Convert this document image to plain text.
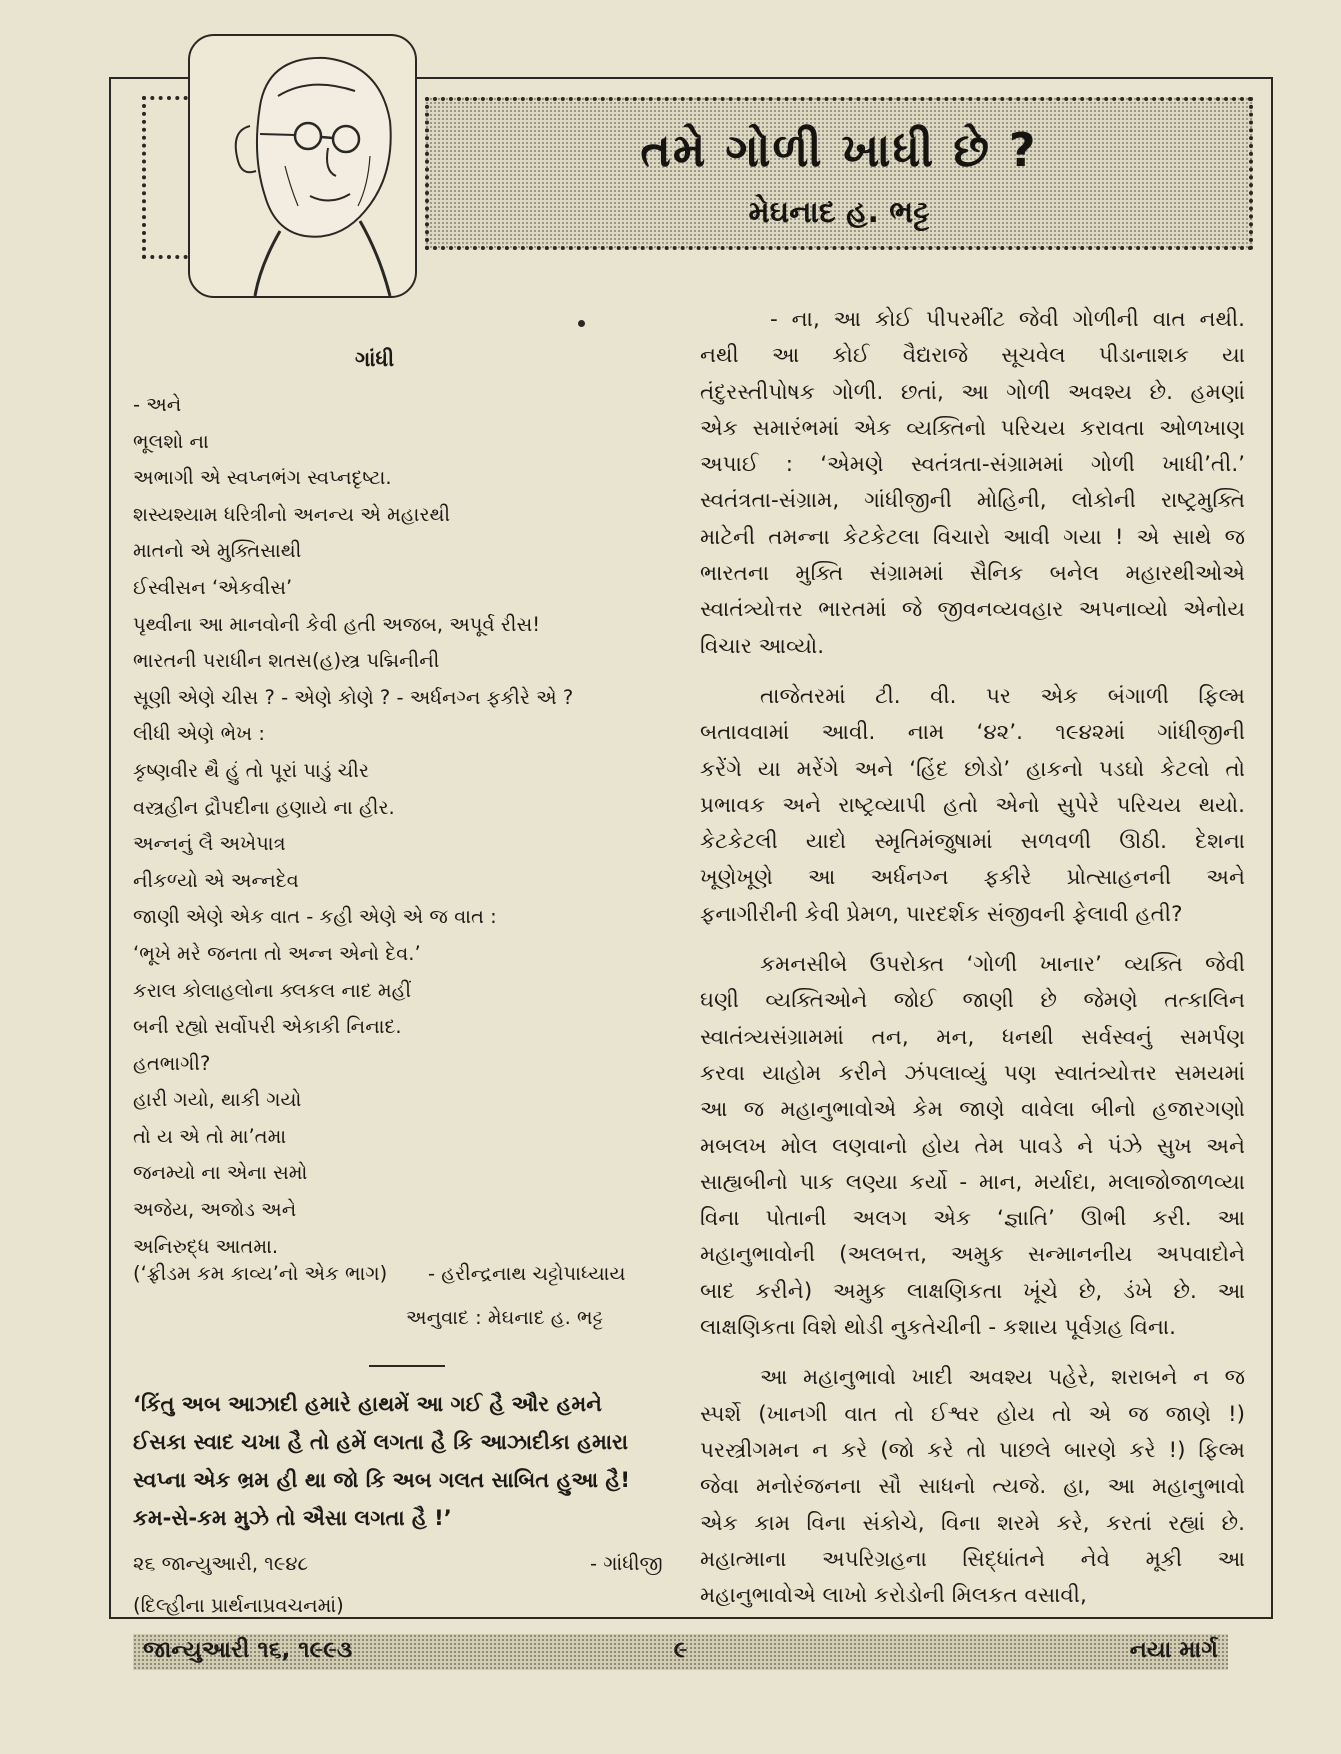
તમે ગોળી ખાધી છે ?
મેઘનાદ હ. ભટ્ટ
ગાંધી
- અને
ભૂલશો ના
અભાગી એ સ્વપ્નભંગ સ્વપ્નદૃષ્ટા.
શસ્યશ્યામ ધરિત્રીનો અનન્ય એ મહારથી
માતનો એ મુક્તિસાથી
ઈસ્વીસન ‘એકવીસ’
પૃથ્વીના આ માનવોની કેવી હતી અજબ, અપૂર્વ રીસ!
ભારતની પરાધીન શતસ(હ)સ્ત્ર પદ્મિનીની
સૂણી એણે ચીસ ? - એણે કોણે ? - અર્ધનગ્ન ફકીરે એ ?
લીધી એણે ભેખ :
કૃષ્ણવીર થૈ હું તો પૂરાં પાડું ચીર
વસ્ત્રહીન દ્રૌપદીના હણાયે ના હીર.
અન્નનું લૈ અખેપાત્ર
નીકળ્યો એ અન્નદેવ
જાણી એણે એક વાત - કહી એણે એ જ વાત :
‘ભૂખે મરે જનતા તો અન્ન એનો દેવ.’
કરાલ કોલાહલોના ક્લકલ નાદ મહીં
બની રહ્યો સર્વોપરી એકાકી નિનાદ.
હતભાગી?
હારી ગયો, થાકી ગયો
તો ય એ તો મા’તમા
જનમ્યો ના એના સમો
અજેય, અજોડ અને
અનિરુદ્ધ આતમા.
(‘ફ્રીડમ કમ કાવ્ય’નો એક ભાગ) - હરીન્દ્રનાથ ચટ્ટોપાધ્યાય
અનુવાદ : મેઘનાદ હ. ભટ્ટ
‘કિંતુ અબ આઝાદી હમારે હાથમેં આ ગઈ હૈ ઔર હમને
ઈસકા સ્વાદ ચખા હૈ તો હમેં લગતા હૈ કિ આઝાદીકા હમારા
સ્વપ્ના એક ભ્રમ હી થા જો કિ અબ ગલત સાબિત હુઆ હૈ!
કમ-સે-કમ મુઝે તો ઐસા લગતા હૈ !’
૨૬ જાન્યુઆરી, ૧૯૪૮	- ગાંધીજી
(દિલ્હીના પ્રાર્થનાપ્રવચનમાં)
- ના, આ કોઈ પીપરમીંટ જેવી ગોળીની વાત નથી.
નથી આ કોઈ વૈદ્યરાજે સૂચવેલ પીડાનાશક યા
તંદુરસ્તીપોષક ગોળી. છતાં, આ ગોળી અવશ્ય છે. હમણાં
એક સમારંભમાં એક વ્યક્તિનો પરિચય કરાવતા ઓળખાણ
અપાઈ : ‘એમણે સ્વતંત્રતા-સંગ્રામમાં ગોળી ખાધી’તી.’
સ્વતંત્રતા-સંગ્રામ, ગાંધીજીની મોહિની, લોકોની રાષ્ટ્રમુક્તિ
માટેની તમન્ના કેટકેટલા વિચારો આવી ગયા ! એ સાથે જ
ભારતના મુક્તિ સંગ્રામમાં સૈનિક બનેલ મહારથીઓએ
સ્વાતંત્ર્યોત્તર ભારતમાં જે જીવનવ્યવહાર અપનાવ્યો એનોય
વિચાર આવ્યો.
તાજેતરમાં ટી. વી. પર એક બંગાળી ફિલ્મ
બતાવવામાં આવી. નામ ‘૪૨’. ૧૯૪૨માં ગાંધીજીની
કરેંગે યા મરેંગે અને ‘હિંદ છોડો’ હાકનો પડઘો કેટલો તો
પ્રભાવક અને રાષ્ટ્રવ્યાપી હતો એનો સુપેરે પરિચય થયો.
કેટકેટલી યાદો સ્મૃતિમંજુષામાં સળવળી ઊઠી. દેશના
ખૂણેખૂણે આ અર્ધનગ્ન ફકીરે પ્રોત્સાહનની અને
ફનાગીરીની કેવી પ્રેમળ, પારદર્શક સંજીવની ફેલાવી હતી?
કમનસીબે ઉપરોક્ત ‘ગોળી ખાનાર’ વ્યક્તિ જેવી
ઘણી વ્યક્તિઓને જોઈ જાણી છે જેમણે તત્કાલિન
સ્વાતંત્ર્યસંગ્રામમાં તન, મન, ધનથી સર્વસ્વનું સમર્પણ
કરવા યાહોમ કરીને ઝંપલાવ્યું પણ સ્વાતંત્ર્યોત્તર સમયમાં
આ જ મહાનુભાવોએ કેમ જાણે વાવેલા બીનો હજારગણો
મબલખ મોલ લણવાનો હોય તેમ પાવડે ને પંઝે સુખ અને
સાહ્યબીનો પાક લણ્યા કર્યો - માન, મર્યાદા, મલાજોજાળવ્યા
વિના પોતાની અલગ એક ‘જ્ઞાતિ’ ઊભી કરી. આ
મહાનુભાવોની (અલબત્ત, અમુક સન્માનનીય અપવાદોને
બાદ કરીને) અમુક લાક્ષણિકતા ખૂંચે છે, ડંખે છે. આ
લાક્ષણિકતા વિશે થોડી નુકતેચીની - કશાય પૂર્વગ્રહ વિના.
આ મહાનુભાવો ખાદી અવશ્ય પહેરે, શરાબને ન જ
સ્પર્શે (ખાનગી વાત તો ઈશ્વર હોય તો એ જ જાણે !)
પરસ્ત્રીગમન ન કરે (જો કરે તો પાછલે બારણે કરે !) ફિલ્મ
જેવા મનોરંજનના સૌ સાધનો ત્યજે. હા, આ મહાનુભાવો
એક કામ વિના સંકોચે, વિના શરમે કરે, કરતાં રહ્યાં છે.
મહાત્માના અપરિગ્રહના સિદ્ધાંતને નેવે મૂકી આ
મહાનુભાવોએ લાખો કરોડોની મિલકત વસાવી,
જાન્યુઆરી ૧૬, ૧૯૯૩	૯	નયા માર્ગ
